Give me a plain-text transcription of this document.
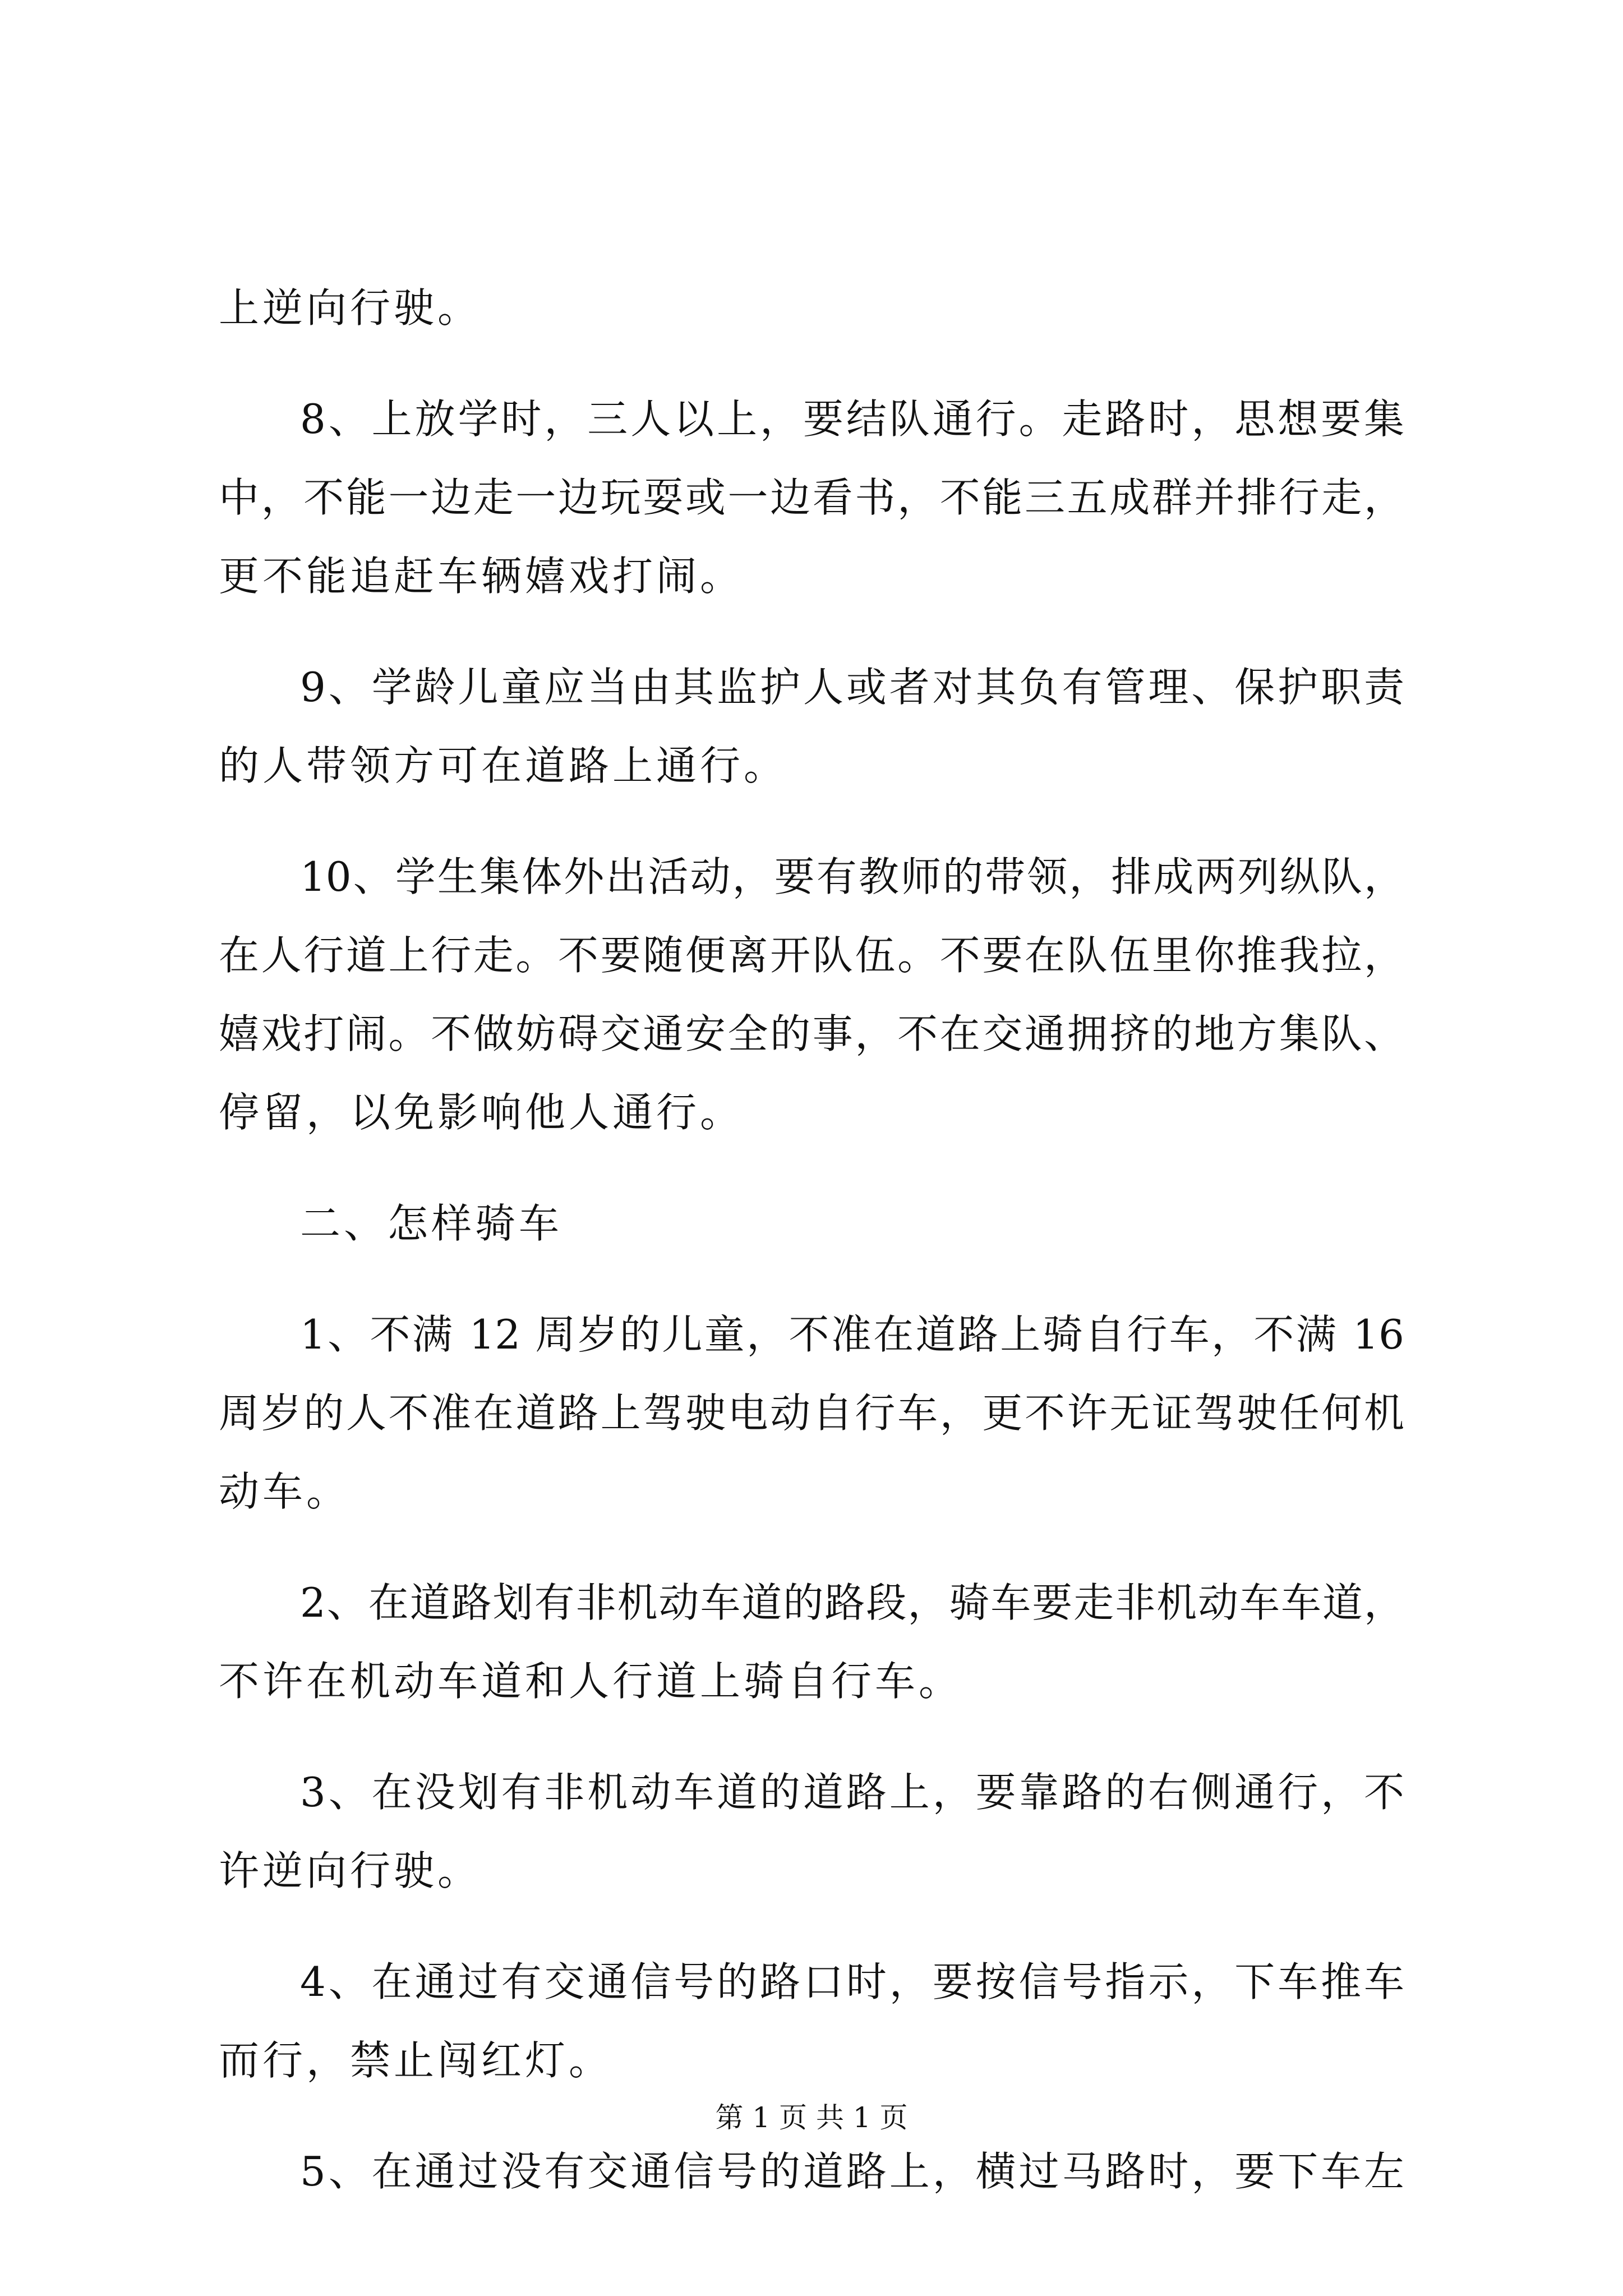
上逆向行驶。
8、上放学时，三人以上，要结队通行。走路时，思想要集
中，不能一边走一边玩耍或一边看书，不能三五成群并排行走，
更不能追赶车辆嬉戏打闹。
9、学龄儿童应当由其监护人或者对其负有管理、保护职责
的人带领方可在道路上通行。
10、学生集体外出活动，要有教师的带领，排成两列纵队，
在人行道上行走。不要随便离开队伍。不要在队伍里你推我拉，
嬉戏打闹。不做妨碍交通安全的事，不在交通拥挤的地方集队、
停留，以免影响他人通行。
二、怎样骑车
1、不满 12 周岁的儿童，不准在道路上骑自行车，不满 16
周岁的人不准在道路上驾驶电动自行车，更不许无证驾驶任何机
动车。
2、在道路划有非机动车道的路段，骑车要走非机动车车道，
不许在机动车道和人行道上骑自行车。
3、在没划有非机动车道的道路上，要靠路的右侧通行，不
许逆向行驶。
4、在通过有交通信号的路口时，要按信号指示，下车推车
而行，禁止闯红灯。
5、在通过没有交通信号的道路上，横过马路时，要下车左
第 1 页 共 1 页
